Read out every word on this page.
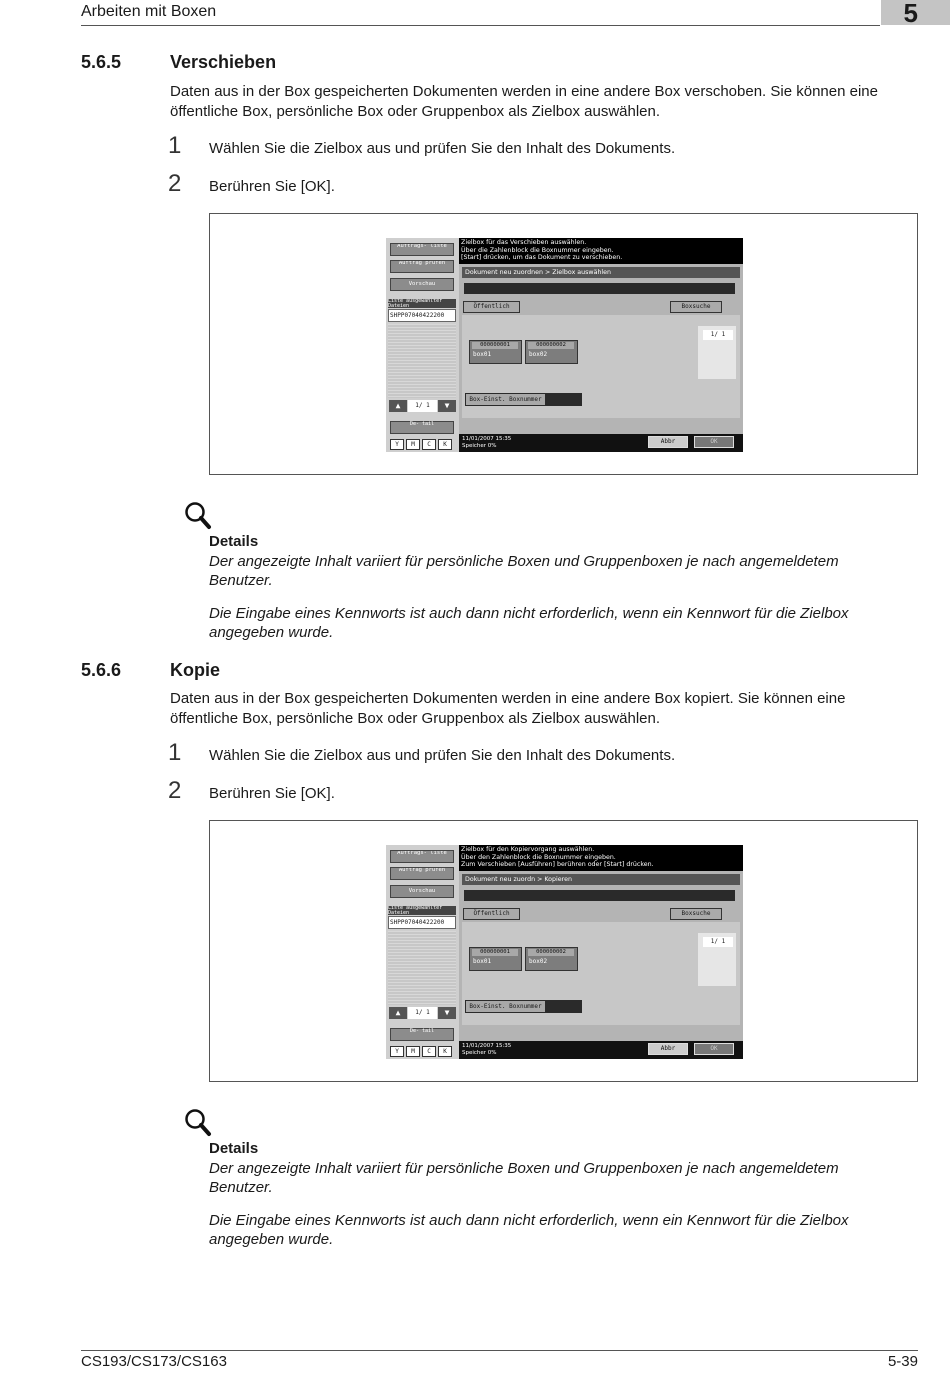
Arbeiten mit Boxen	5
5.6.5	Verschieben
Daten aus in der Box gespeicherten Dokumenten werden in eine andere Box verschoben. Sie können eine
öffentliche Box, persönliche Box oder Gruppenbox als Zielbox auswählen.
1 Wählen Sie die Zielbox aus und prüfen Sie den Inhalt des Dokuments.
2 Berühren Sie [OK].
Auftrags- liste
Auftrag prüfen
Vorschau
Liste ausgewählter Dateien
SHPP07040422200
▲	1/ 1	▼
De- tail
Y	M	C	K
Zielbox für das Verschieben auswählen.
Über die Zahlenblock die Boxnummer eingeben.
[Start] drücken, um das Dokument zu verschieben.
Dokument neu zuordnen > Zielbox auswählen
Öffentlich	Boxsuche
000000001
box01
000000002
box02
1/ 1
Box-Einst. Boxnummer
11/01/2007 15:35
Speicher 0%
Abbr	OK
Details
Der angezeigte Inhalt variiert für persönliche Boxen und Gruppenboxen je nach angemeldetem
Benutzer.
Die Eingabe eines Kennworts ist auch dann nicht erforderlich, wenn ein Kennwort für die Zielbox
angegeben wurde.
5.6.6	Kopie
Daten aus in der Box gespeicherten Dokumenten werden in eine andere Box kopiert. Sie können eine
öffentliche Box, persönliche Box oder Gruppenbox als Zielbox auswählen.
1 Wählen Sie die Zielbox aus und prüfen Sie den Inhalt des Dokuments.
2 Berühren Sie [OK].
Auftrags- liste
Auftrag prüfen
Vorschau
Liste ausgewählter Dateien
SHPP07040422200
▲	1/ 1	▼
De- tail
Y	M	C	K
Zielbox für den Kopiervorgang auswählen.
Über den Zahlenblock die Boxnummer eingeben.
Zum Verschieben [Ausführen] berühren oder [Start] drücken.
Dokument neu zuordn > Kopieren
Öffentlich	Boxsuche
000000001
box01
000000002
box02
1/ 1
Box-Einst. Boxnummer
11/01/2007 15:35
Speicher 0%
Abbr	OK
Details
Der angezeigte Inhalt variiert für persönliche Boxen und Gruppenboxen je nach angemeldetem
Benutzer.
Die Eingabe eines Kennworts ist auch dann nicht erforderlich, wenn ein Kennwort für die Zielbox
angegeben wurde.
CS193/CS173/CS163	5-39
